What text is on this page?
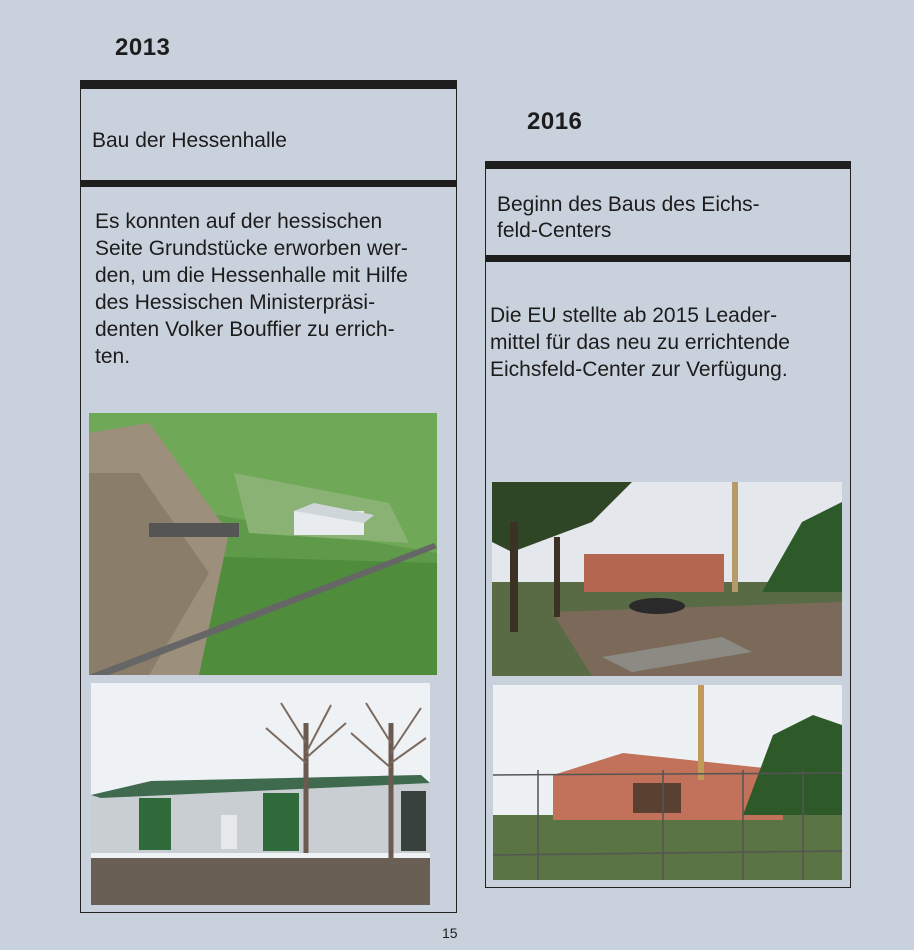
2013
Bau der Hessenhalle
Es konnten auf der hessischen
Seite Grundstücke erworben wer-
den, um die Hessenhalle mit Hilfe
des Hessischen Ministerpräsi-
denten Volker Bouffier zu errich-
ten.
2016
Beginn des Baus des Eichs-
feld-Centers
Die EU stellte ab 2015 Leader-
mittel für das neu zu errichtende
Eichsfeld-Center zur Verfügung.
15
